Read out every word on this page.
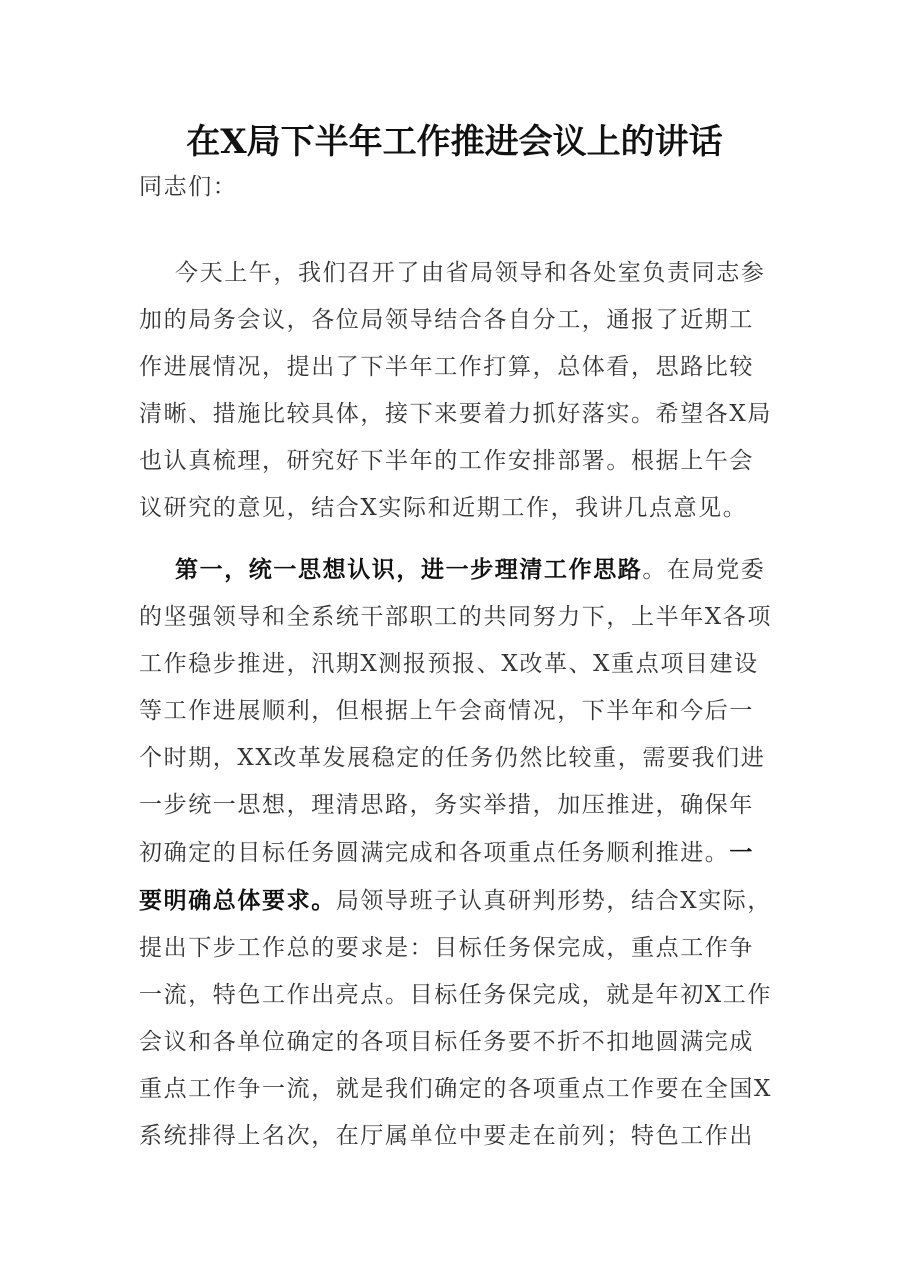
在X局下半年工作推进会议上的讲话
同志们：
今天上午，我们召开了由省局领导和各处室负责同志参
加的局务会议，各位局领导结合各自分工，通报了近期工
作进展情况，提出了下半年工作打算，总体看，思路比较
清晰、措施比较具体，接下来要着力抓好落实。希望各X局
也认真梳理，研究好下半年的工作安排部署。根据上午会
议研究的意见，结合X实际和近期工作，我讲几点意见。
第一，统一思想认识，进一步理清工作思路。在局党委
的坚强领导和全系统干部职工的共同努力下，上半年X各项
工作稳步推进，汛期X测报预报、X改革、X重点项目建设
等工作进展顺利，但根据上午会商情况，下半年和今后一
个时期，XX改革发展稳定的任务仍然比较重，需要我们进
一步统一思想，理清思路，务实举措，加压推进，确保年
初确定的目标任务圆满完成和各项重点任务顺利推进。一
要明确总体要求。局领导班子认真研判形势，结合X实际，
提出下步工作总的要求是：目标任务保完成，重点工作争
一流，特色工作出亮点。目标任务保完成，就是年初X工作
会议和各单位确定的各项目标任务要不折不扣地圆满完成
重点工作争一流，就是我们确定的各项重点工作要在全国X
系统排得上名次，在厅属单位中要走在前列；特色工作出
